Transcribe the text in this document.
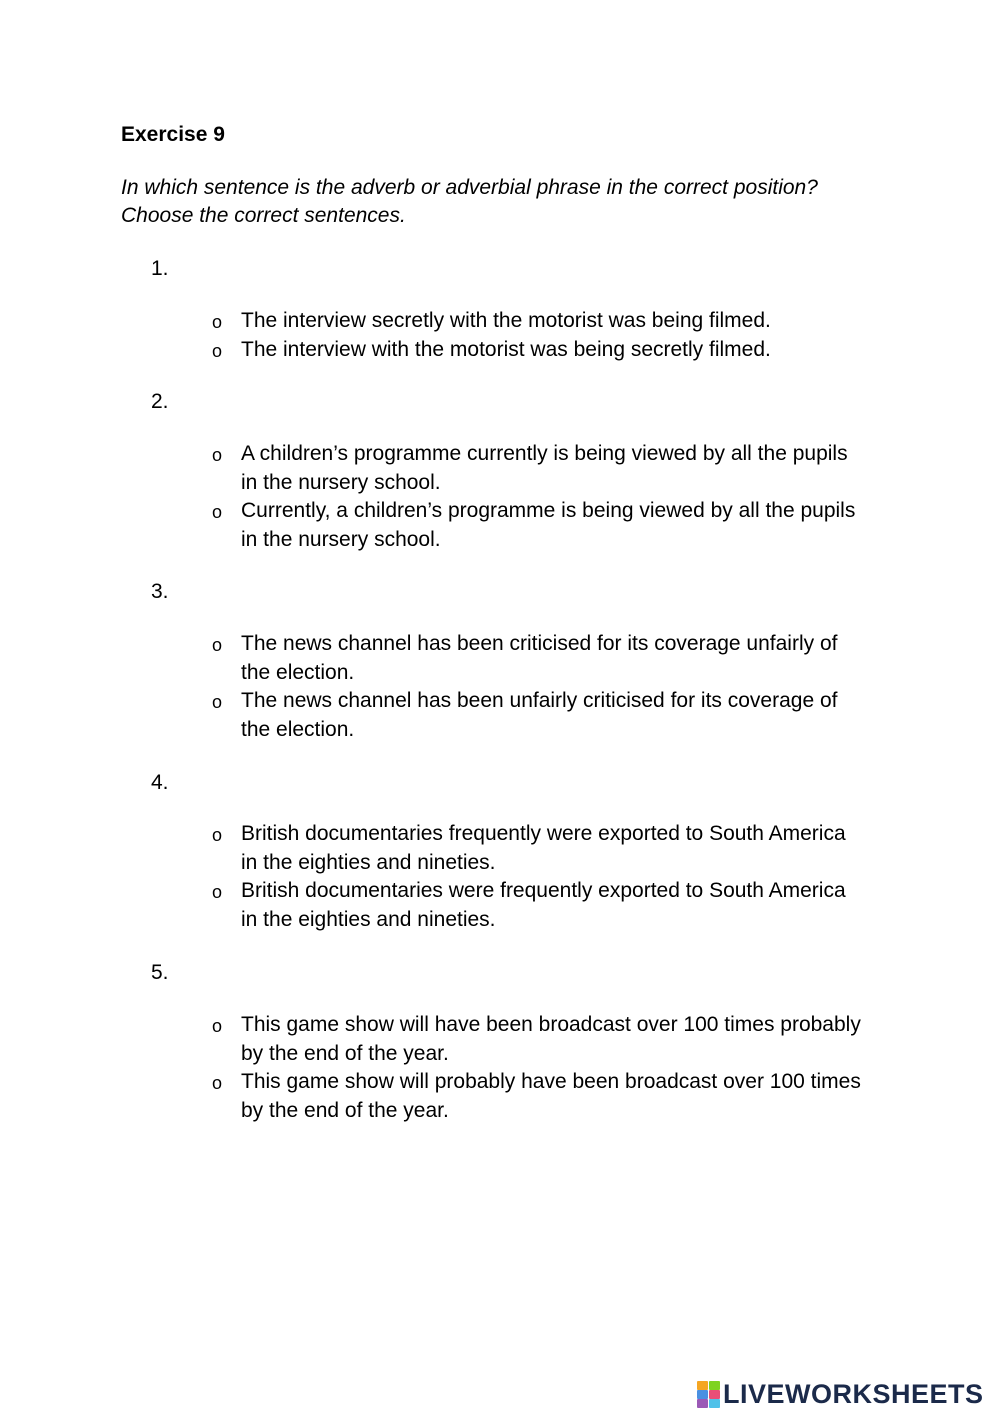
Exercise 9
In which sentence is the adverb or adverbial phrase in the correct position?
Choose the correct sentences.
1.
o The interview secretly with the motorist was being filmed.
o The interview with the motorist was being secretly filmed.
2.
o A children’s programme currently is being viewed by all the pupils
in the nursery school.
o Currently, a children’s programme is being viewed by all the pupils
in the nursery school.
3.
o The news channel has been criticised for its coverage unfairly of
the election.
o The news channel has been unfairly criticised for its coverage of
the election.
4.
o British documentaries frequently were exported to South America
in the eighties and nineties.
o British documentaries were frequently exported to South America
in the eighties and nineties.
5.
o This game show will have been broadcast over 100 times probably
by the end of the year.
o This game show will probably have been broadcast over 100 times
by the end of the year.
LIVEWORKSHEETS
